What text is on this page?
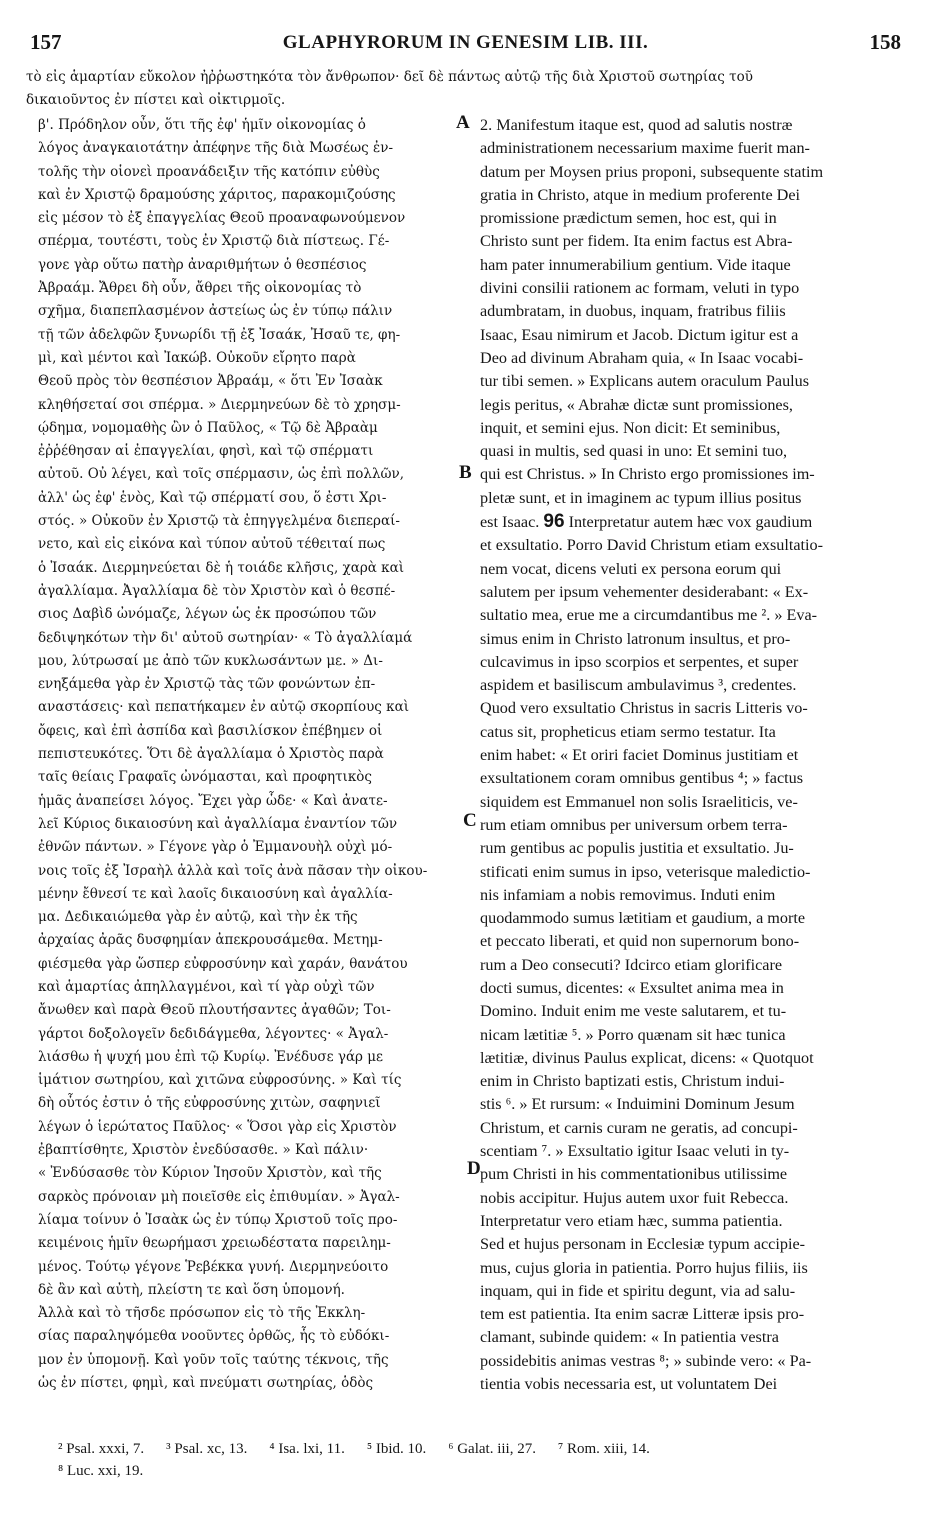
157	GLAPHYRORUM IN GENESIM LIB. III.	158
τὸ εἰς ἁμαρτίαν εὔκολον ἠῤῥωστηκότα τὸν ἄνθρωπον· δεῖ δὲ πάντως αὐτῷ τῆς διὰ Χριστοῦ σωτηρίας τοῦ
δικαιοῦντος ἐν πίστει καὶ οἰκτιρμοῖς.
β'. Πρόδηλον οὖν, ὅτι τῆς ἐφ' ἡμῖν οἰκονομίας ὁ
λόγος ἀναγκαιοτάτην ἀπέφηνε τῆς διὰ Μωσέως ἐν-
τολῆς τὴν οἱονεὶ προανάδειξιν τῆς κατόπιν εὐθὺς
καὶ ἐν Χριστῷ δραμούσης χάριτος, παρακομιζούσης
εἰς μέσον τὸ ἐξ ἐπαγγελίας Θεοῦ προαναφωνούμενον
σπέρμα, τουτέστι, τοὺς ἐν Χριστῷ διὰ πίστεως. Γέ-
γονε γὰρ οὕτω πατὴρ ἀναριθμήτων ὁ θεσπέσιος
Ἀβραάμ. Ἄθρει δὴ οὖν, ἄθρει τῆς οἰκονομίας τὸ
σχῆμα, διαπεπλασμένον ἀστείως ὡς ἐν τύπῳ πάλιν
τῇ τῶν ἀδελφῶν ξυνωρίδι τῇ ἐξ Ἰσαάκ, Ἠσαῦ τε, φη-
μὶ, καὶ μέντοι καὶ Ἰακώβ. Οὐκοῦν εἴρητο παρὰ
Θεοῦ πρὸς τὸν θεσπέσιον Ἀβραάμ, « ὅτι Ἐν Ἰσαὰκ
κληθήσεταί σοι σπέρμα. » Διερμηνεύων δὲ τὸ χρησμ-
ῴδημα, νομομαθὴς ὢν ὁ Παῦλος, « Τῷ δὲ Ἀβραὰμ
ἐῤῥέθησαν αἱ ἐπαγγελίαι, φησὶ, καὶ τῷ σπέρματι
αὐτοῦ. Οὐ λέγει, καὶ τοῖς σπέρμασιν, ὡς ἐπὶ πολλῶν,
ἀλλ' ὡς ἐφ' ἑνὸς, Καὶ τῷ σπέρματί σου, ὅ ἐστι Χρι-
στός. » Οὐκοῦν ἐν Χριστῷ τὰ ἐπηγγελμένα διεπεραί-
νετο, καὶ εἰς εἰκόνα καὶ τύπον αὐτοῦ τέθειταί πως
ὁ Ἰσαάκ. Διερμηνεύεται δὲ ἡ τοιάδε κλῆσις, χαρὰ καὶ
ἀγαλλίαμα. Ἀγαλλίαμα δὲ τὸν Χριστὸν καὶ ὁ θεσπέ-
σιος Δαβὶδ ὠνόμαζε, λέγων ὡς ἐκ προσώπου τῶν
δεδιψηκότων τὴν δι' αὐτοῦ σωτηρίαν· « Τὸ ἀγαλλίαμά
μου, λύτρωσαί με ἀπὸ τῶν κυκλωσάντων με. » Δι-
ενηξάμεθα γὰρ ἐν Χριστῷ τὰς τῶν φονώντων ἐπ-
αναστάσεις· καὶ πεπατήκαμεν ἐν αὐτῷ σκορπίους καὶ
ὄφεις, καὶ ἐπὶ ἀσπίδα καὶ βασιλίσκον ἐπέβημεν οἱ
πεπιστευκότες. Ὅτι δὲ ἀγαλλίαμα ὁ Χριστὸς παρὰ
ταῖς θείαις Γραφαῖς ὠνόμασται, καὶ προφητικὸς
ἡμᾶς ἀναπείσει λόγος. Ἔχει γὰρ ὧδε· « Καὶ ἀνατε-
λεῖ Κύριος δικαιοσύνη καὶ ἀγαλλίαμα ἐναντίον τῶν
ἐθνῶν πάντων. » Γέγονε γὰρ ὁ Ἐμμανουὴλ οὐχὶ μό-
νοις τοῖς ἐξ Ἰσραὴλ ἀλλὰ καὶ τοῖς ἀνὰ πᾶσαν τὴν οἰκου-
μένην ἔθνεσί τε καὶ λαοῖς δικαιοσύνη καὶ ἀγαλλία-
μα. Δεδικαιώμεθα γὰρ ἐν αὐτῷ, καὶ τὴν ἐκ τῆς
ἀρχαίας ἀρᾶς δυσφημίαν ἀπεκρουσάμεθα. Μετημ-
φιέσμεθα γὰρ ὥσπερ εὐφροσύνην καὶ χαράν, θανάτου
καὶ ἁμαρτίας ἀπηλλαγμένοι, καὶ τί γὰρ οὐχὶ τῶν
ἄνωθεν καὶ παρὰ Θεοῦ πλουτήσαντες ἀγαθῶν; Τοι-
γάρτοι δοξολογεῖν δεδιδάγμεθα, λέγοντες· « Ἀγαλ-
λιάσθω ἡ ψυχή μου ἐπὶ τῷ Κυρίῳ. Ἐνέδυσε γάρ με
ἱμάτιον σωτηρίου, καὶ χιτῶνα εὐφροσύνης. » Καὶ τίς
δὴ οὗτός ἐστιν ὁ τῆς εὐφροσύνης χιτὼν, σαφηνιεῖ
λέγων ὁ ἱερώτατος Παῦλος· « Ὅσοι γὰρ εἰς Χριστὸν
ἐβαπτίσθητε, Χριστὸν ἐνεδύσασθε. » Καὶ πάλιν·
« Ἐνδύσασθε τὸν Κύριον Ἰησοῦν Χριστὸν, καὶ τῆς
σαρκὸς πρόνοιαν μὴ ποιεῖσθε εἰς ἐπιθυμίαν. » Ἀγαλ-
λίαμα τοίνυν ὁ Ἰσαὰκ ὡς ἐν τύπῳ Χριστοῦ τοῖς προ-
κειμένοις ἡμῖν θεωρήμασι χρειωδέστατα παρειλημ-
μένος. Τούτῳ γέγονε Ῥεβέκκα γυνή. Διερμηνεύοιτο
δὲ ἂν καὶ αὐτὴ, πλείστη τε καὶ ὅση ὑπομονή.
Ἀλλὰ καὶ τὸ τῆσδε πρόσωπον εἰς τὸ τῆς Ἐκκλη-
σίας παραληψόμεθα νοοῦντες ὀρθῶς, ἧς τὸ εὐδόκι-
μον ἐν ὑπομονῇ. Καὶ γοῦν τοῖς ταύτης τέκνοις, τῆς
ὡς ἐν πίστει, φημὶ, καὶ πνεύματι σωτηρίας, ὁδὸς
2. Manifestum itaque est, quod ad salutis nostræ
administrationem necessarium maxime fuerit man-
datum per Moysen prius proponi, subsequente statim
gratia in Christo, atque in medium proferente Dei
promissione prædictum semen, hoc est, qui in
Christo sunt per fidem. Ita enim factus est Abra-
ham pater innumerabilium gentium. Vide itaque
divini consilii rationem ac formam, veluti in typo
adumbratam, in duobus, inquam, fratribus filiis
Isaac, Esau nimirum et Jacob. Dictum igitur est a
Deo ad divinum Abraham quia, « In Isaac vocabi-
tur tibi semen. » Explicans autem oraculum Paulus
legis peritus, « Abrahæ dictæ sunt promissiones,
inquit, et semini ejus. Non dicit: Et seminibus,
quasi in multis, sed quasi in uno: Et semini tuo,
qui est Christus. » In Christo ergo promissiones im-
pletæ sunt, et in imaginem ac typum illius positus
est Isaac. 96 Interpretatur autem hæc vox gaudium
et exsultatio. Porro David Christum etiam exsultatio-
nem vocat, dicens veluti ex persona eorum qui
salutem per ipsum vehementer desiderabant: « Ex-
sultatio mea, erue me a circumdantibus me ². » Eva-
simus enim in Christo latronum insultus, et pro-
culcavimus in ipso scorpios et serpentes, et super
aspidem et basiliscum ambulavimus ³, credentes.
Quod vero exsultatio Christus in sacris Litteris vo-
catus sit, propheticus etiam sermo testatur. Ita
enim habet: « Et oriri faciet Dominus justitiam et
exsultationem coram omnibus gentibus ⁴; » factus
siquidem est Emmanuel non solis Israeliticis, ve-
rum etiam omnibus per universum orbem terra-
rum gentibus ac populis justitia et exsultatio. Ju-
stificati enim sumus in ipso, veterisque maledictio-
nis infamiam a nobis removimus. Induti enim
quodammodo sumus lætitiam et gaudium, a morte
et peccato liberati, et quid non supernorum bono-
rum a Deo consecuti? Idcirco etiam glorificare
docti sumus, dicentes: « Exsultet anima mea in
Domino. Induit enim me veste salutarem, et tu-
nicam lætitiæ ⁵. » Porro quænam sit hæc tunica
lætitiæ, divinus Paulus explicat, dicens: « Quotquot
enim in Christo baptizati estis, Christum indui-
stis ⁶. » Et rursum: « Induimini Dominum Jesum
Christum, et carnis curam ne geratis, ad concupi-
scentiam ⁷. » Exsultatio igitur Isaac veluti in ty-
pum Christi in his commentationibus utilissime
nobis accipitur. Hujus autem uxor fuit Rebecca.
Interpretatur vero etiam hæc, summa patientia.
Sed et hujus personam in Ecclesiæ typum accipie-
mus, cujus gloria in patientia. Porro hujus filiis, iis
inquam, qui in fide et spiritu degunt, via ad salu-
tem est patientia. Ita enim sacræ Litteræ ipsis pro-
clamant, subinde quidem: « In patientia vestra
possidebitis animas vestras ⁸; » subinde vero: « Pa-
tientia vobis necessaria est, ut voluntatem Dei
A
B
C
D
² Psal. xxxi, 7. ³ Psal. xc, 13. ⁴ Isa. lxi, 11. ⁵ Ibid. 10. ⁶ Galat. iii, 27. ⁷ Rom. xiii, 14.
⁸ Luc. xxi, 19.
